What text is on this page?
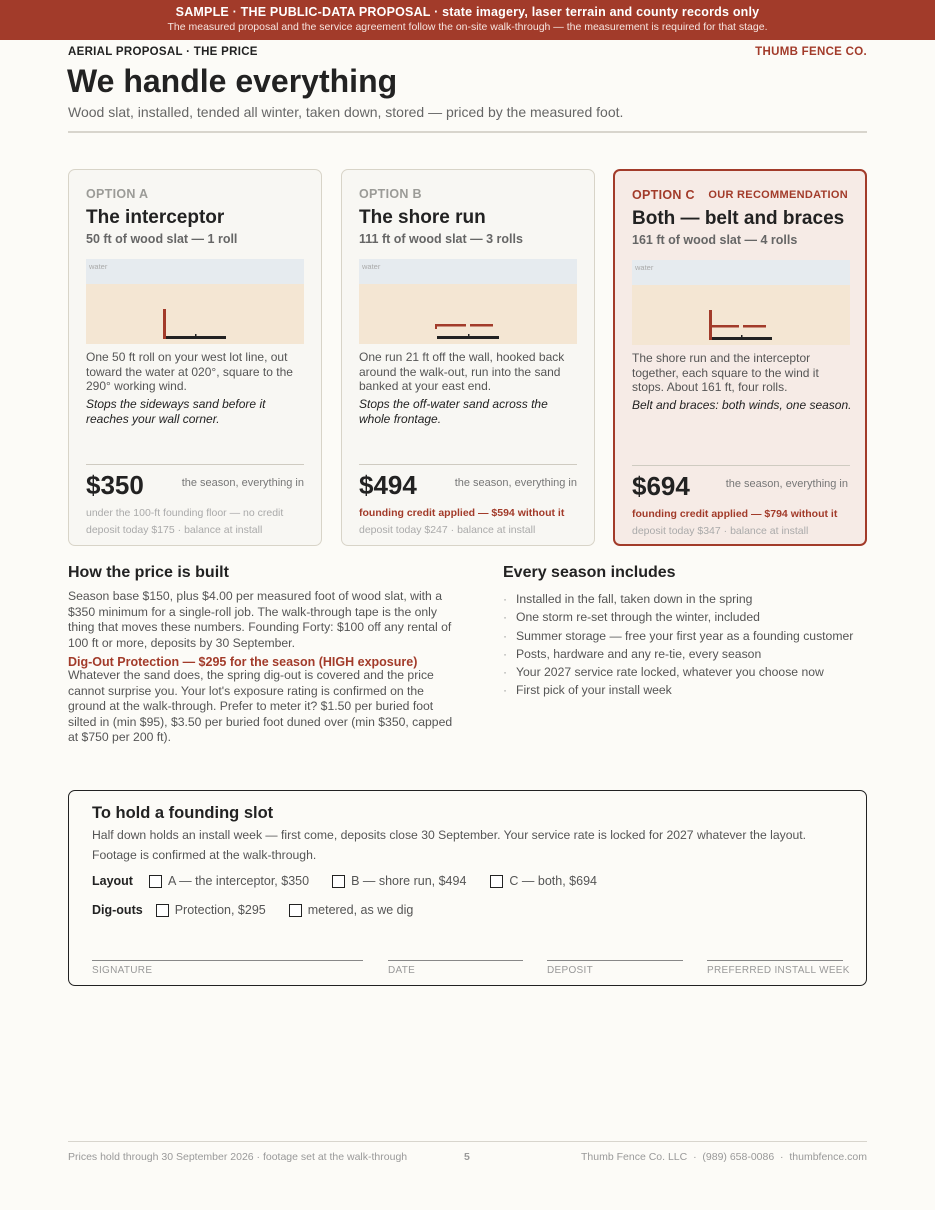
SAMPLE · THE PUBLIC-DATA PROPOSAL · state imagery, laser terrain and county records only
The measured proposal and the service agreement follow the on-site walk-through — the measurement is required for that stage.
AERIAL PROPOSAL · THE PRICE	THUMB FENCE CO.
We handle everything
Wood slat, installed, tended all winter, taken down, stored — priced by the measured foot.
OPTION A
The interceptor
50 ft of wood slat — 1 roll
water
One 50 ft roll on your west lot line, out toward the water at 020°, square to the 290° working wind.
Stops the sideways sand before it reaches your wall corner.
$350	the season, everything in
under the 100-ft founding floor — no credit
deposit today $175 · balance at install
OPTION B
The shore run
111 ft of wood slat — 3 rolls
water
One run 21 ft off the wall, hooked back around the walk-out, run into the sand banked at your east end.
Stops the off-water sand across the whole frontage.
$494	the season, everything in
founding credit applied — $594 without it
deposit today $247 · balance at install
OPTION C OUR RECOMMENDATION
Both — belt and braces
161 ft of wood slat — 4 rolls
water
The shore run and the interceptor together, each square to the wind it stops. About 161 ft, four rolls.
Belt and braces: both winds, one season.
$694	the season, everything in
founding credit applied — $794 without it
deposit today $347 · balance at install
How the price is built
Season base $150, plus $4.00 per measured foot of wood slat, with a $350 minimum for a single-roll job. The walk-through tape is the only thing that moves these numbers. Founding Forty: $100 off any rental of 100 ft or more, deposits by 30 September.
Dig-Out Protection — $295 for the season (HIGH exposure)
Whatever the sand does, the spring dig-out is covered and the price cannot surprise you. Your lot's exposure rating is confirmed on the ground at the walk-through. Prefer to meter it? $1.50 per buried foot silted in (min $95), $3.50 per buried foot duned over (min $350, capped at $750 per 200 ft).
Every season includes
· Installed in the fall, taken down in the spring
· One storm re-set through the winter, included
· Summer storage — free your first year as a founding customer
· Posts, hardware and any re-tie, every season
· Your 2027 service rate locked, whatever you choose now
· First pick of your install week
To hold a founding slot
Half down holds an install week — first come, deposits close 30 September. Your service rate is locked for 2027 whatever the layout. Footage is confirmed at the walk-through.
Layout	A — the interceptor, $350	B — shore run, $494	C — both, $694
Dig-outs	Protection, $295	metered, as we dig
SIGNATURE	DATE	DEPOSIT	PREFERRED INSTALL WEEK
Prices hold through 30 September 2026 · footage set at the walk-through	5	Thumb Fence Co. LLC  ·  (989) 658-0086  ·  thumbfence.com
